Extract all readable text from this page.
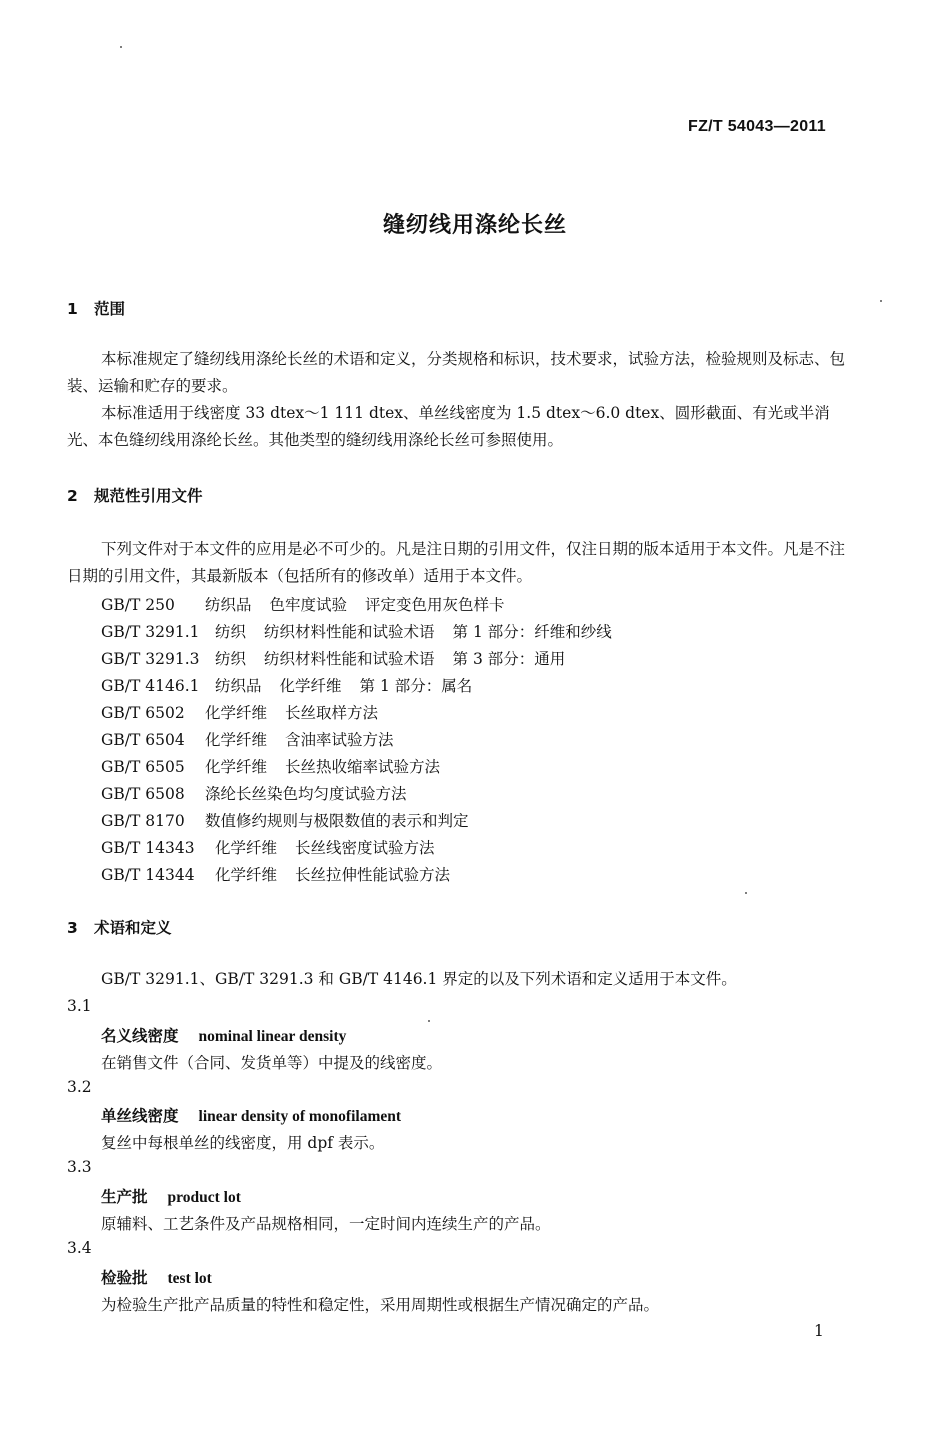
FZ/T 54043—2011
缝纫线用涤纶长丝
1 范围
本标准规定了缝纫线用涤纶长丝的术语和定义，分类规格和标识，技术要求，试验方法，检验规则及标志、包装、运输和贮存的要求。
本标准适用于线密度 33 dtex～1 111 dtex、单丝线密度为 1.5 dtex～6.0 dtex、圆形截面、有光或半消光、本色缝纫线用涤纶长丝。其他类型的缝纫线用涤纶长丝可参照使用。
2 规范性引用文件
下列文件对于本文件的应用是必不可少的。凡是注日期的引用文件，仅注日期的版本适用于本文件。凡是不注日期的引用文件，其最新版本（包括所有的修改单）适用于本文件。
GB/T 250 纺织品 色牢度试验 评定变色用灰色样卡
GB/T 3291.1 纺织 纺织材料性能和试验术语 第 1 部分：纤维和纱线
GB/T 3291.3 纺织 纺织材料性能和试验术语 第 3 部分：通用
GB/T 4146.1 纺织品 化学纤维 第 1 部分：属名
GB/T 6502 化学纤维 长丝取样方法
GB/T 6504 化学纤维 含油率试验方法
GB/T 6505 化学纤维 长丝热收缩率试验方法
GB/T 6508 涤纶长丝染色均匀度试验方法
GB/T 8170 数值修约规则与极限数值的表示和判定
GB/T 14343 化学纤维 长丝线密度试验方法
GB/T 14344 化学纤维 长丝拉伸性能试验方法
3 术语和定义
GB/T 3291.1、GB/T 3291.3 和 GB/T 4146.1 界定的以及下列术语和定义适用于本文件。
3.1
名义线密度 nominal linear density
在销售文件（合同、发货单等）中提及的线密度。
3.2
单丝线密度 linear density of monofilament
复丝中每根单丝的线密度，用 dpf 表示。
3.3
生产批 product lot
原辅料、工艺条件及产品规格相同，一定时间内连续生产的产品。
3.4
检验批 test lot
为检验生产批产品质量的特性和稳定性，采用周期性或根据生产情况确定的产品。
1
